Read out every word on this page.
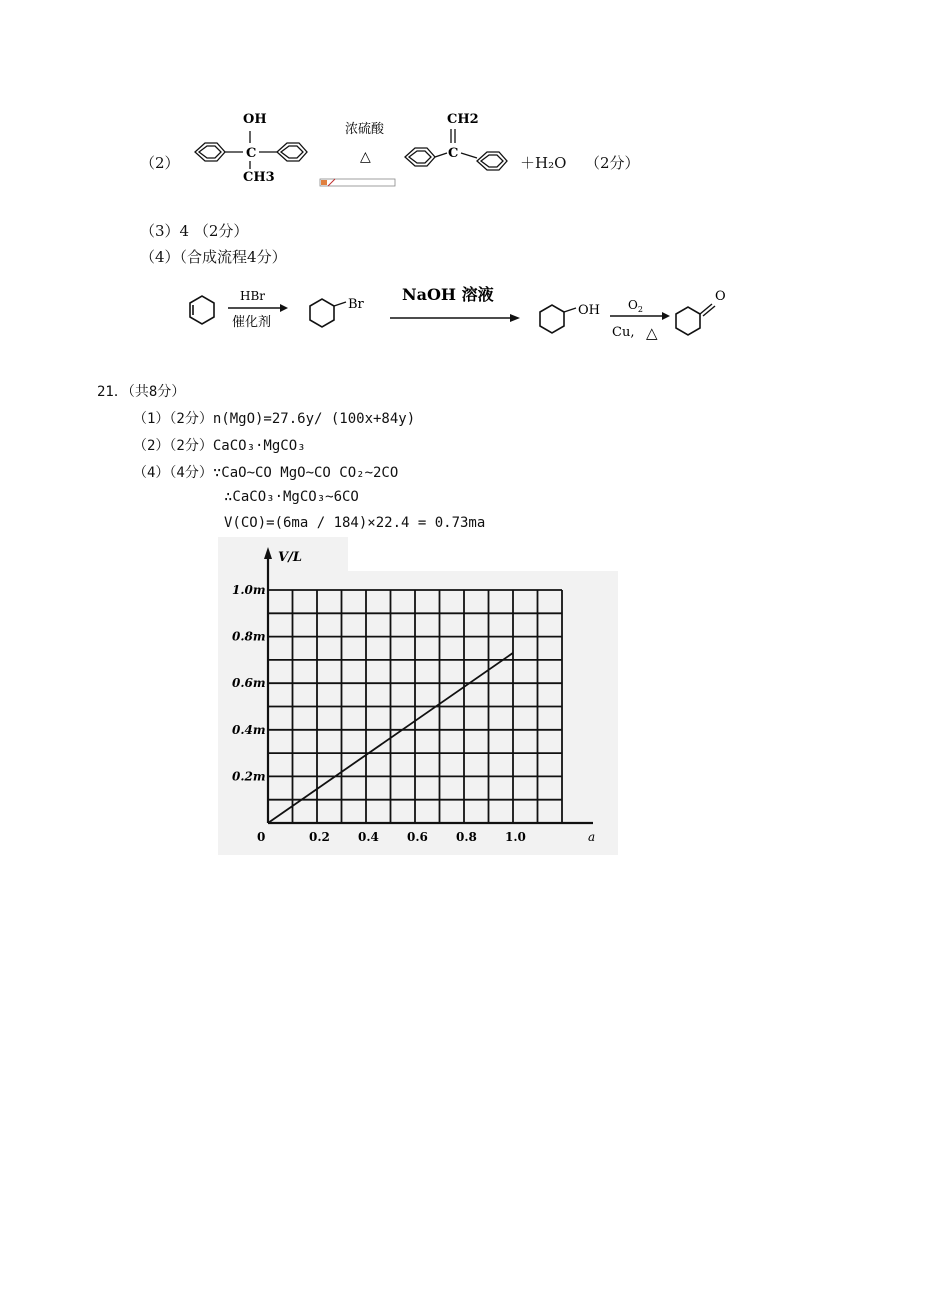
（2）
C
OH
CH3
浓硫酸
△	C
CH2
＋H₂O （2分）
（3）4 （2分）
（4）（合成流程4分）
HBr
催化剂
Br
NaOH 溶液
OH $O_2$
Cu, △
O
21．（共8分）
（1）（2分）n(MgO)=27.6y/ (100x+84y)
（2）（2分）CaCO₃·MgCO₃
（4）（4分）∵CaO~CO MgO~CO CO₂~2CO
∴CaCO₃·MgCO₃~6CO
V(CO)=(6ma / 184)×22.4 = 0.73ma
V/L
a
0	0.2 0.4 0.6 0.8 1.0
0.2m
0.4m
0.6m
0.8m
1.0m
